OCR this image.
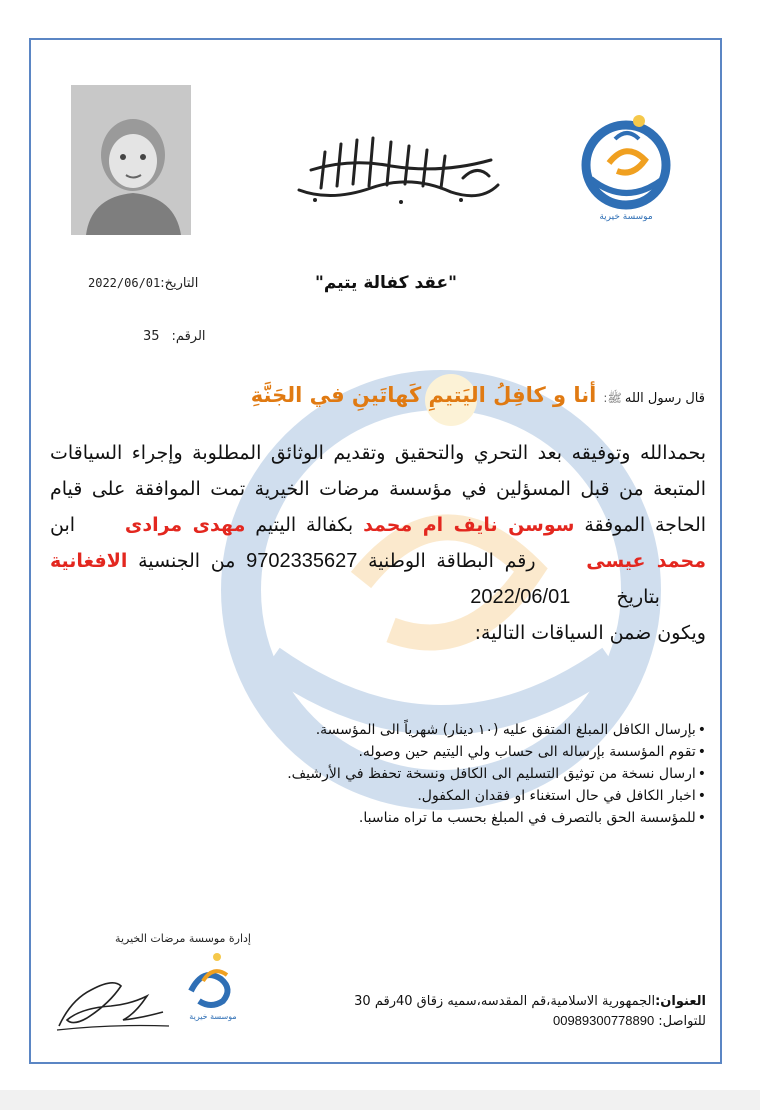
موسسة خيرية
"عقد كفالة يتيم"
التاريخ:2022/06/01
الرقم:35
قال رسول اللهﷺ:أنا و كافِلُ اليَتيمِ كَهاتَينِ في الجَنَّةِ
بحمدالله وتوفيقه بعد التحري والتحقيق وتقديم الوثائق المطلوبة وإجراء السياقات المتبعة من قبل المسؤلين في مؤسسة مرضات الخيرية تمت الموافقة على قيام الحاجة الموفقة سوسن نايف ام محمد بكفالة اليتيم مهدى مرادى ابن محمد عيسى رقم البطاقة الوطنية 9702335627 من الجنسية الافغانية بتاريخ 2022/06/01
ويكون ضمن السياقات التالية:
• بإرسال الكافل المبلغ المتفق عليه (١٠ دينار) شهرياً الى المؤسسة.
• تقوم المؤسسة بإرساله الى حساب ولي اليتيم حين وصوله.
• ارسال نسخة من توثيق التسليم الى الكافل ونسخة تحفظ في الأرشيف.
• اخبار الكافل في حال استغناء او فقدان المكفول.
• للمؤسسة الحق بالتصرف في المبلغ بحسب ما تراه مناسبا.
إدارة موسسة مرضات الخيرية
موسسة خيرية
العنوان:الجمهورية الاسلامية،قم المقدسه،سميه زقاق 40رقم 30
للتواصل:00989300778890
